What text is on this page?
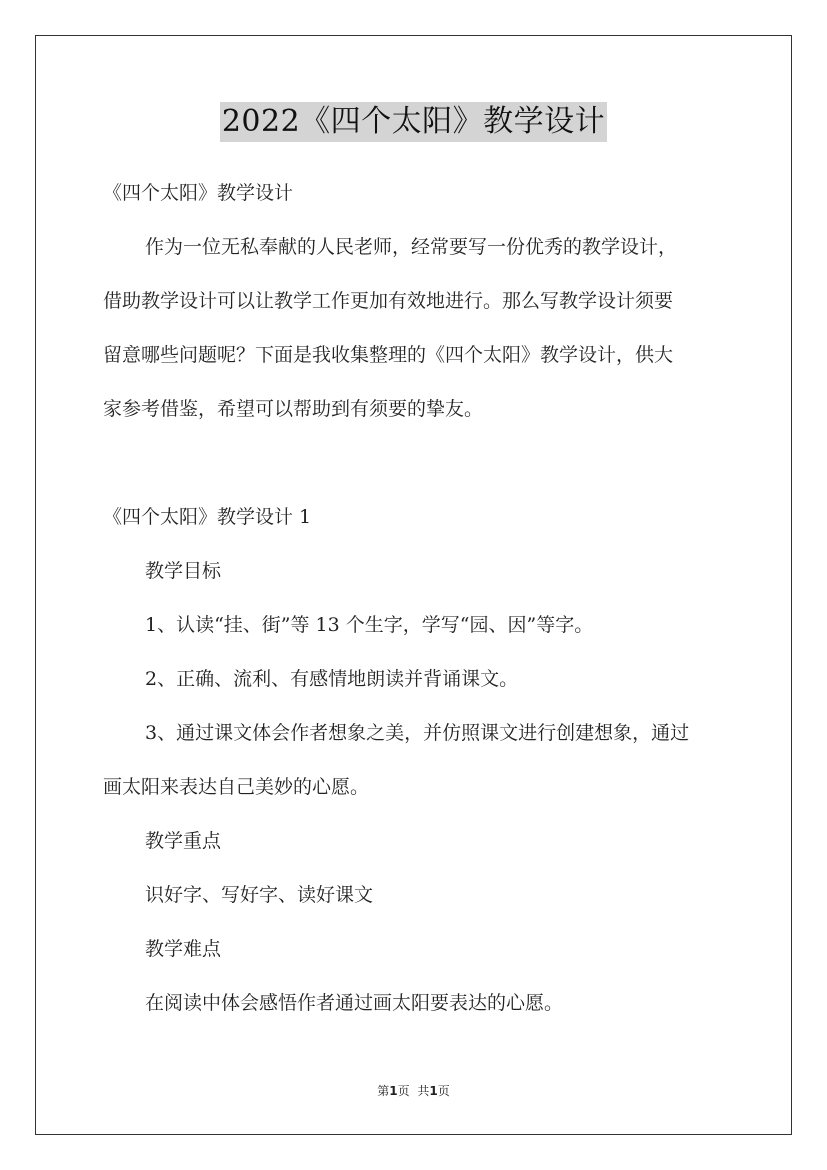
2022《四个太阳》教学设计
《四个太阳》教学设计
作为一位无私奉献的人民老师，经常要写一份优秀的教学设计，
借助教学设计可以让教学工作更加有效地进行。那么写教学设计须要
留意哪些问题呢？下面是我收集整理的《四个太阳》教学设计，供大
家参考借鉴，希望可以帮助到有须要的挚友。
《四个太阳》教学设计 1
教学目标
1、认读“挂、街”等 13 个生字，学写“园、因”等字。
2、正确、流利、有感情地朗读并背诵课文。
3、通过课文体会作者想象之美，并仿照课文进行创建想象，通过
画太阳来表达自己美妙的心愿。
教学重点
识好字、写好字、读好课文
教学难点
在阅读中体会感悟作者通过画太阳要表达的心愿。
第1页 共1页
